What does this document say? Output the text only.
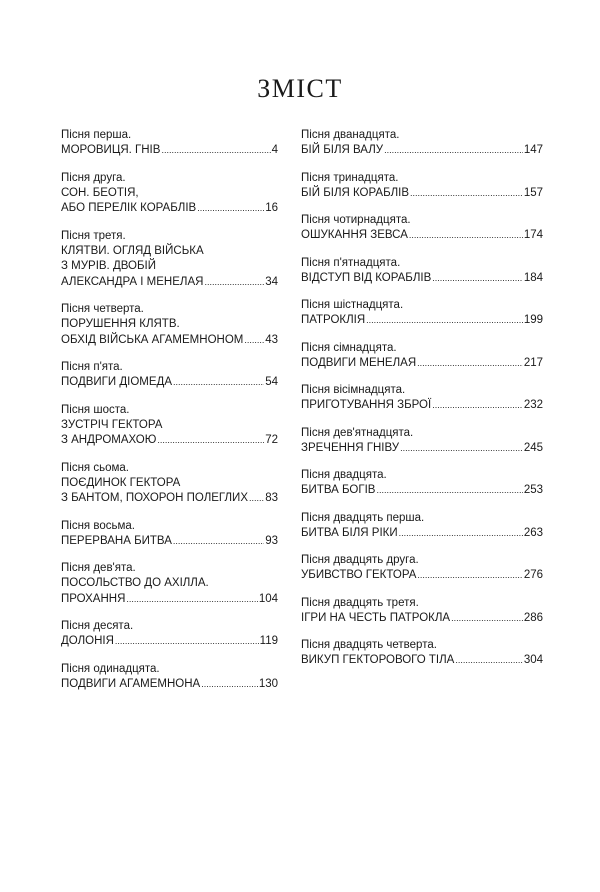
ЗМІСТ
Пісня перша.
МОРОВИЦЯ. ГНІВ .....	4
Пісня друга.
СОН. БЕОТІЯ,
АБО ПЕРЕЛІК КОРАБЛІВ .....	16
Пісня третя.
КЛЯТВИ. ОГЛЯД ВІЙСЬКА
З МУРІВ. ДВОБІЙ
АЛЕКСАНДРА І МЕНЕЛАЯ .....	34
Пісня четверта.
ПОРУШЕННЯ КЛЯТВ.
ОБХІД ВІЙСЬКА АГАМЕМНОНОМ ..... 43
Пісня п'ята.
ПОДВИГИ ДІОМЕДА .....	54
Пісня шоста.
ЗУСТРІЧ ГЕКТОРА
З АНДРОМАХОЮ .....	72
Пісня сьома.
ПОЄДИНОК ГЕКТОРА
З БАНТОМ, ПОХОРОН ПОЛЕГЛИХ ..... 83
Пісня восьма.
ПЕРЕРВАНА БИТВА .....	93
Пісня дев'ята.
ПОСОЛЬСТВО ДО АХІЛЛА.
ПРОХАННЯ .....	104
Пісня десята.
ДОЛОНІЯ .....	119
Пісня одинадцята.
ПОДВИГИ АГАМЕМНОНА .....	130
Пісня дванадцята.
БІЙ БІЛЯ ВАЛУ .....	147
Пісня тринадцята.
БІЙ БІЛЯ КОРАБЛІВ .....	157
Пісня чотирнадцята.
ОШУКАННЯ ЗЕВСА .....	174
Пісня п'ятнадцята.
ВІДСТУП ВІД КОРАБЛІВ .....	184
Пісня шістнадцята.
ПАТРОКЛІЯ .....	199
Пісня сімнадцята.
ПОДВИГИ МЕНЕЛАЯ .....	217
Пісня вісімнадцята.
ПРИГОТУВАННЯ ЗБРОЇ .....	232
Пісня дев'ятнадцята.
ЗРЕЧЕННЯ ГНІВУ .....	245
Пісня двадцята.
БИТВА БОГІВ .....	253
Пісня двадцять перша.
БИТВА БІЛЯ РІКИ .....	263
Пісня двадцять друга.
УБИВСТВО ГЕКТОРА .....	276
Пісня двадцять третя.
ІГРИ НА ЧЕСТЬ ПАТРОКЛА .....	286
Пісня двадцять четверта.
ВИКУП ГЕКТОРОВОГО ТІЛА .....	304
